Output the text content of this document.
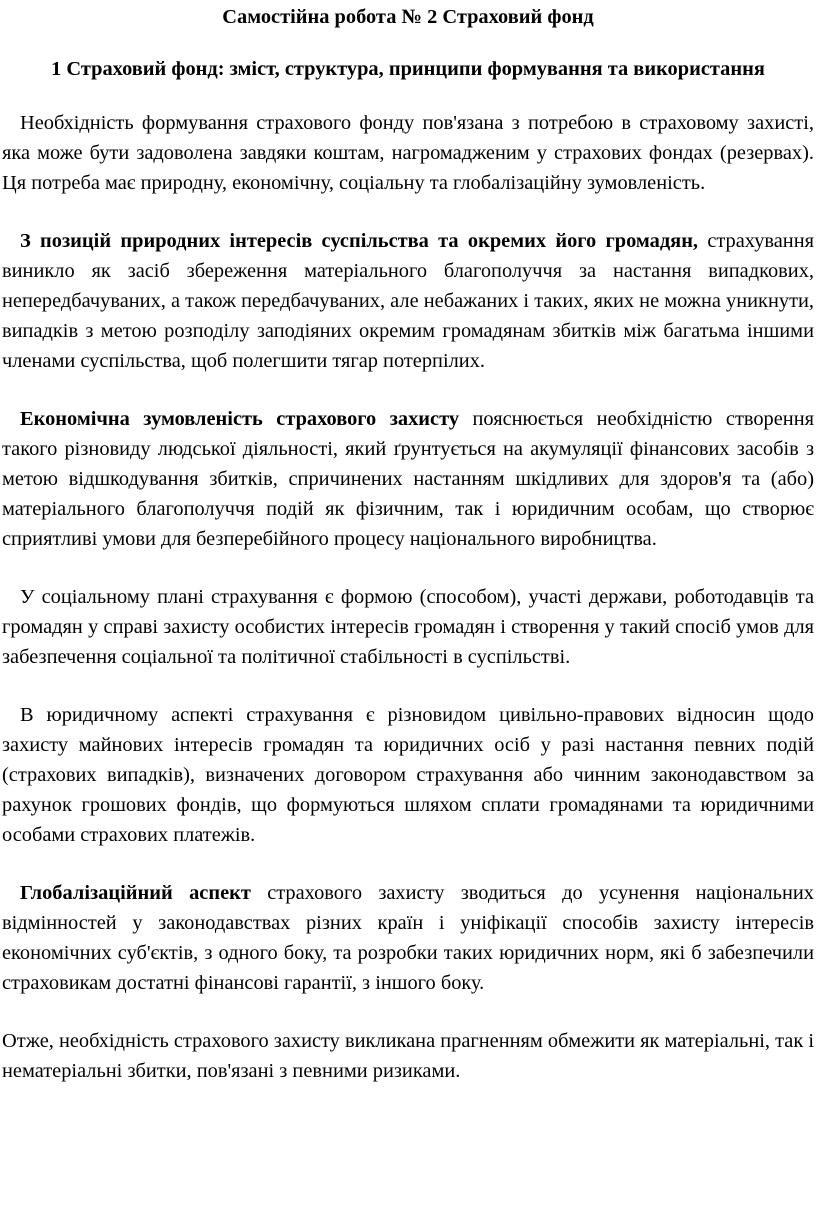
Самостійна робота № 2 Страховий фонд
1 Страховий фонд: зміст, структура, принципи формування та використання

Необхідність формування страхового фонду пов'язана з потребою в страховому захисті, яка може бути задоволена завдяки коштам, нагромадженим у страхових фондах (резервах). Ця потреба має природну, економічну, соціальну та глобалізаційну зумовленість.

З позицій природних інтересів суспільства та окремих його громадян, страхування виникло як засіб збереження матеріального благополуччя за настання випадкових, непередбачуваних, а також передбачуваних, але небажаних і таких, яких не можна уникнути, випадків з метою розподілу заподіяних окремим громадянам збитків між багатьма іншими членами суспільства, щоб полегшити тягар потерпілих.

Економічна зумовленість страхового захисту пояснюється необхідністю створення такого різновиду людської діяльності, який ґрунтується на акумуляції фінансових засобів з метою відшкодування збитків, спричинених настанням шкідливих для здоров'я та (або) матеріального благополуччя подій як фізичним, так і юридичним особам, що створює сприятливі умови для безперебійного процесу національного виробництва.

У соціальному плані страхування є формою (способом), участі держави, роботодавців та громадян у справі захисту особистих інтересів громадян і створення у такий спосіб умов для забезпечення соціальної та політичної стабільності в суспільстві.

В юридичному аспекті страхування є різновидом цивільно-правових відносин щодо захисту майнових інтересів громадян та юридичних осіб у разі настання певних подій (страхових випадків), визначених договором страхування або чинним законодавством за рахунок грошових фондів, що формуються шляхом сплати громадянами та юридичними особами страхових платежів.

Глобалізаційний аспект страхового захисту зводиться до усунення національних відмінностей у законодавствах різних країн і уніфікації способів захисту інтересів економічних суб'єктів, з одного боку, та розробки таких юридичних норм, які б забезпечили страховикам достатні фінансові гарантії, з іншого боку.

Отже, необхідність страхового захисту викликана прагненням обмежити як матеріальні, так і нематеріальні збитки, пов'язані з певними ризиками.
